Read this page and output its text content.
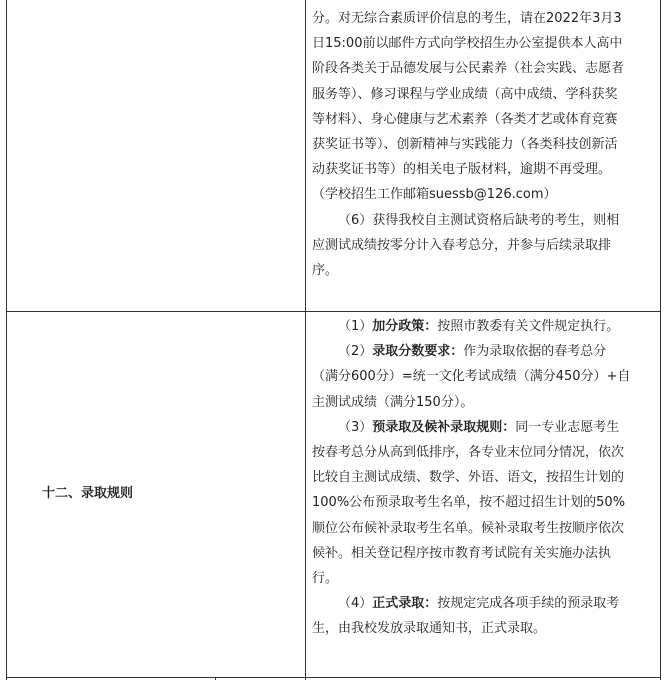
分。对无综合素质评价信息的考生，请在2022年3月3

日15:00前以邮件方式向学校招生办公室提供本人高中

阶段各类关于品德发展与公民素养（社会实践、志愿者

服务等）、修习课程与学业成绩（高中成绩、学科获奖

等材料）、身心健康与艺术素养（各类才艺或体育竞赛

获奖证书等）、创新精神与实践能力（各类科技创新活

动获奖证书等）的相关电子版材料，逾期不再受理。

（学校招生工作邮箱suessb@126.com）

（6）获得我校自主测试资格后缺考的考生，则相

应测试成绩按零分计入春考总分，并参与后续录取排

序。

十二、录取规则

（1）加分政策：按照市教委有关文件规定执行。

（2）录取分数要求：作为录取依据的春考总分

（满分600分）=统一文化考试成绩（满分450分）+自

主测试成绩（满分150分）。

（3）预录取及候补录取规则：同一专业志愿考生

按春考总分从高到低排序，各专业末位同分情况，依次

比较自主测试成绩、数学、外语、语文，按招生计划的

100%公布预录取考生名单，按不超过招生计划的50%

顺位公布候补录取考生名单。候补录取考生按顺序依次

候补。相关登记程序按市教育考试院有关实施办法执

行。

（4）正式录取：按规定完成各项手续的预录取考

生，由我校发放录取通知书，正式录取。
